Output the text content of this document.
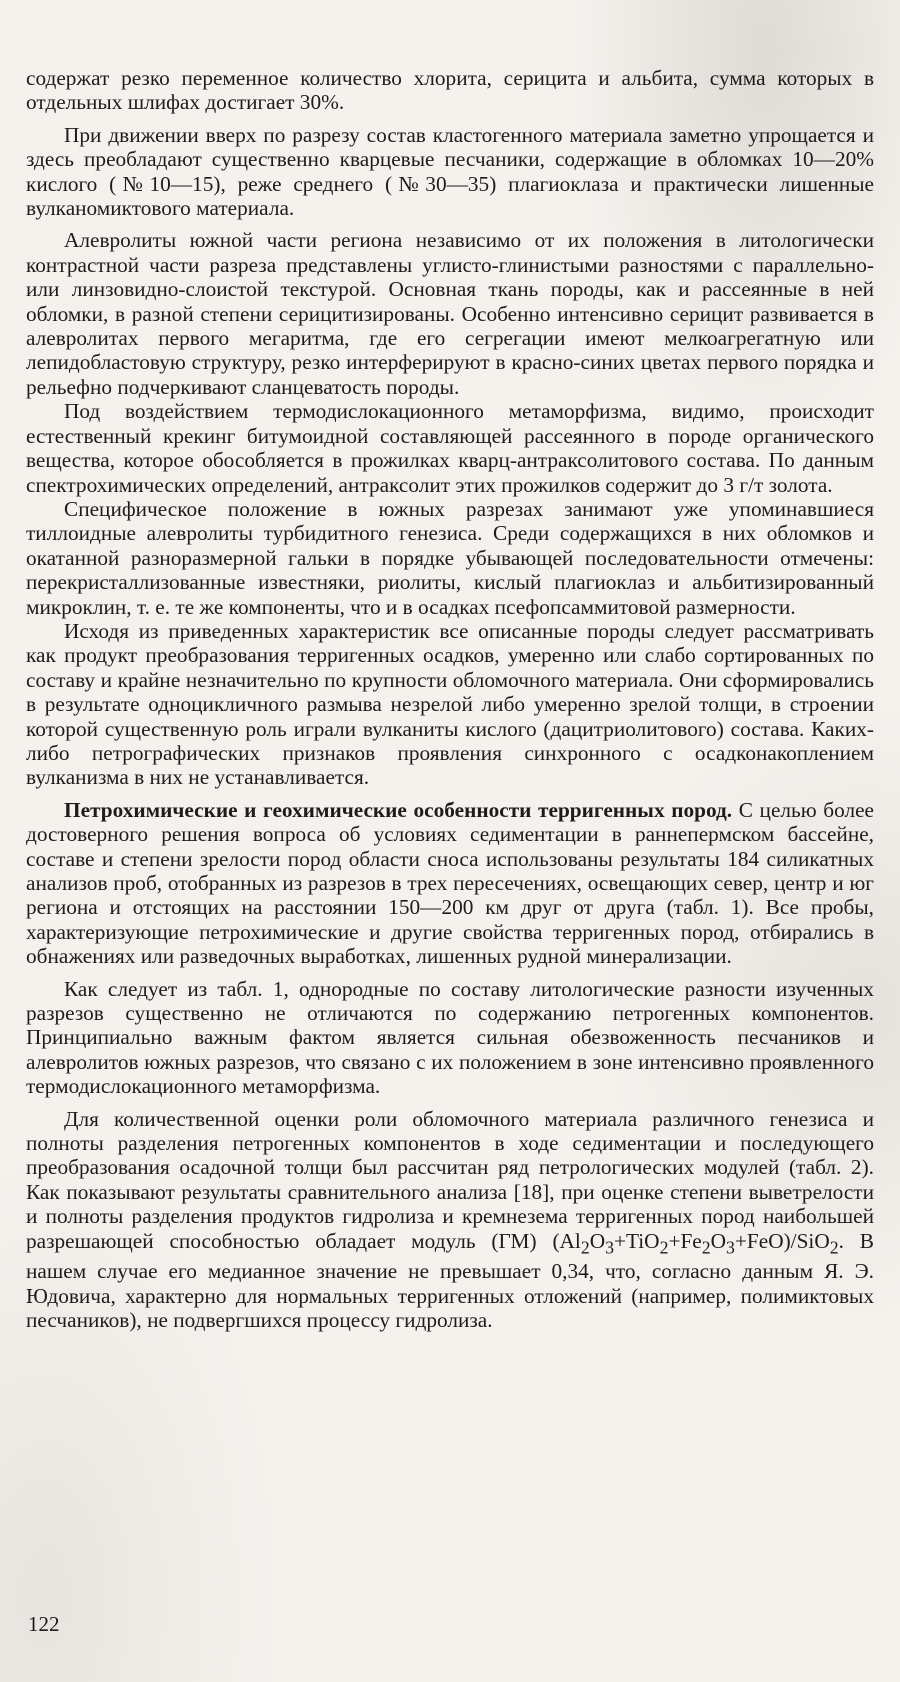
содержат резко переменное количество хлорита, серицита и альбита, сумма которых в отдельных шлифах достигает 30%.

При движении вверх по разрезу состав кластогенного материала заметно упрощается и здесь преобладают существенно кварцевые песчаники, содержащие в обломках 10—20% кислого (№10—15), реже среднего (№30—35) плагиоклаза и практически лишенные вулканомиктового материала.

Алевролиты южной части региона независимо от их положения в литологически контрастной части разреза представлены углисто-глинистыми разностями с параллельно- или линзовидно-слоистой текстурой. Основная ткань породы, как и рассеянные в ней обломки, в разной степени серицитизированы. Особенно интенсивно серицит развивается в алевролитах первого мегаритма, где его сегрегации имеют мелкоагрегатную или лепидобластовую структуру, резко интерферируют в красно-синих цветах первого порядка и рельефно подчеркивают сланцеватость породы.

Под воздействием термодислокационного метаморфизма, видимо, происходит естественный крекинг битумоидной составляющей рассеянного в породе органического вещества, которое обособляется в прожилках кварц-антраксолитового состава. По данным спектрохимических определений, антраксолит этих прожилков содержит до 3 г/т золота.

Специфическое положение в южных разрезах занимают уже упоминавшиеся тиллоидные алевролиты турбидитного генезиса. Среди содержащихся в них обломков и окатанной разноразмерной гальки в порядке убывающей последовательности отмечены: перекристаллизованные известняки, риолиты, кислый плагиоклаз и альбитизированный микроклин, т. е. те же компоненты, что и в осадках псефопсаммитовой размерности.

Исходя из приведенных характеристик все описанные породы следует рассматривать как продукт преобразования терригенных осадков, умеренно или слабо сортированных по составу и крайне незначительно по крупности обломочного материала. Они сформировались в результате одноцикличного размыва незрелой либо умеренно зрелой толщи, в строении которой существенную роль играли вулканиты кислого (дацитриолитового) состава. Каких-либо петрографических признаков проявления синхронного с осадконакоплением вулканизма в них не устанавливается.

Петрохимические и геохимические особенности терригенных пород. С целью более достоверного решения вопроса об условиях седиментации в раннепермском бассейне, составе и степени зрелости пород области сноса использованы результаты 184 силикатных анализов проб, отобранных из разрезов в трех пересечениях, освещающих север, центр и юг региона и отстоящих на расстоянии 150—200 км друг от друга (табл. 1). Все пробы, характеризующие петрохимические и другие свойства терригенных пород, отбирались в обнажениях или разведочных выработках, лишенных рудной минерализации.

Как следует из табл. 1, однородные по составу литологические разности изученных разрезов существенно не отличаются по содержанию петрогенных компонентов. Принципиально важным фактом является сильная обезвоженность песчаников и алевролитов южных разрезов, что связано с их положением в зоне интенсивно проявленного термодислокационного метаморфизма.

Для количественной оценки роли обломочного материала различного генезиса и полноты разделения петрогенных компонентов в ходе седиментации и последующего преобразования осадочной толщи был рассчитан ряд петрологических модулей (табл. 2). Как показывают результаты сравнительного анализа [18], при оценке степени выветрелости и полноты разделения продуктов гидролиза и кремнезема терригенных пород наибольшей разрешающей способностью обладает модуль (ГМ) $(Al_2O_3+TiO_2+Fe_2O_3+FeO)/SiO_2$. В нашем случае его медианное значение не превышает 0,34, что, согласно данным Я. Э. Юдовича, характерно для нормальных терригенных отложений (например, полимиктовых песчаников), не подвергшихся процессу гидролиза.

122
